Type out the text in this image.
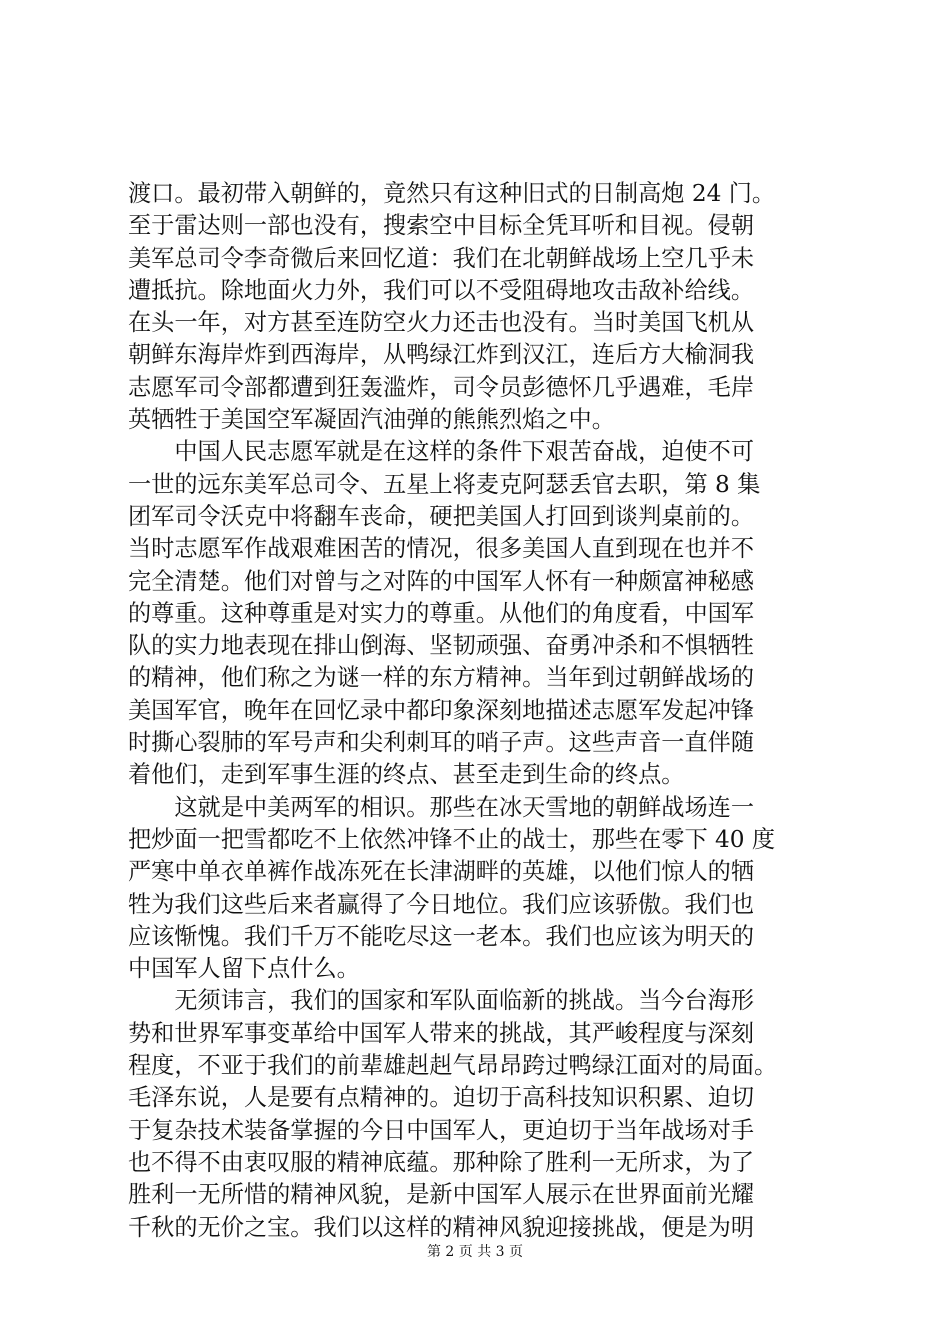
渡口。最初带入朝鲜的，竟然只有这种旧式的日制高炮 24 门。
至于雷达则一部也没有，搜索空中目标全凭耳听和目视。侵朝
美军总司令李奇微后来回忆道：我们在北朝鲜战场上空几乎未
遭抵抗。除地面火力外，我们可以不受阻碍地攻击敌补给线。
在头一年，对方甚至连防空火力还击也没有。当时美国飞机从
朝鲜东海岸炸到西海岸，从鸭绿江炸到汉江，连后方大榆洞我
志愿军司令部都遭到狂轰滥炸，司令员彭德怀几乎遇难，毛岸
英牺牲于美国空军凝固汽油弹的熊熊烈焰之中。
　　中国人民志愿军就是在这样的条件下艰苦奋战，迫使不可
一世的远东美军总司令、五星上将麦克阿瑟丢官去职，第 8 集
团军司令沃克中将翻车丧命，硬把美国人打回到谈判桌前的。
当时志愿军作战艰难困苦的情况，很多美国人直到现在也并不
完全清楚。他们对曾与之对阵的中国军人怀有一种颇富神秘感
的尊重。这种尊重是对实力的尊重。从他们的角度看，中国军
队的实力地表现在排山倒海、坚韧顽强、奋勇冲杀和不惧牺牲
的精神，他们称之为谜一样的东方精神。当年到过朝鲜战场的
美国军官，晚年在回忆录中都印象深刻地描述志愿军发起冲锋
时撕心裂肺的军号声和尖利刺耳的哨子声。这些声音一直伴随
着他们，走到军事生涯的终点、甚至走到生命的终点。
　　这就是中美两军的相识。那些在冰天雪地的朝鲜战场连一
把炒面一把雪都吃不上依然冲锋不止的战士，那些在零下 40 度
严寒中单衣单裤作战冻死在长津湖畔的英雄，以他们惊人的牺
牲为我们这些后来者赢得了今日地位。我们应该骄傲。我们也
应该惭愧。我们千万不能吃尽这一老本。我们也应该为明天的
中国军人留下点什么。
　　无须讳言，我们的国家和军队面临新的挑战。当今台海形
势和世界军事变革给中国军人带来的挑战，其严峻程度与深刻
程度，不亚于我们的前辈雄赳赳气昂昂跨过鸭绿江面对的局面。
毛泽东说，人是要有点精神的。迫切于高科技知识积累、迫切
于复杂技术装备掌握的今日中国军人，更迫切于当年战场对手
也不得不由衷叹服的精神底蕴。那种除了胜利一无所求，为了
胜利一无所惜的精神风貌，是新中国军人展示在世界面前光耀
千秋的无价之宝。我们以这样的精神风貌迎接挑战，便是为明
第 2 页 共 3 页
